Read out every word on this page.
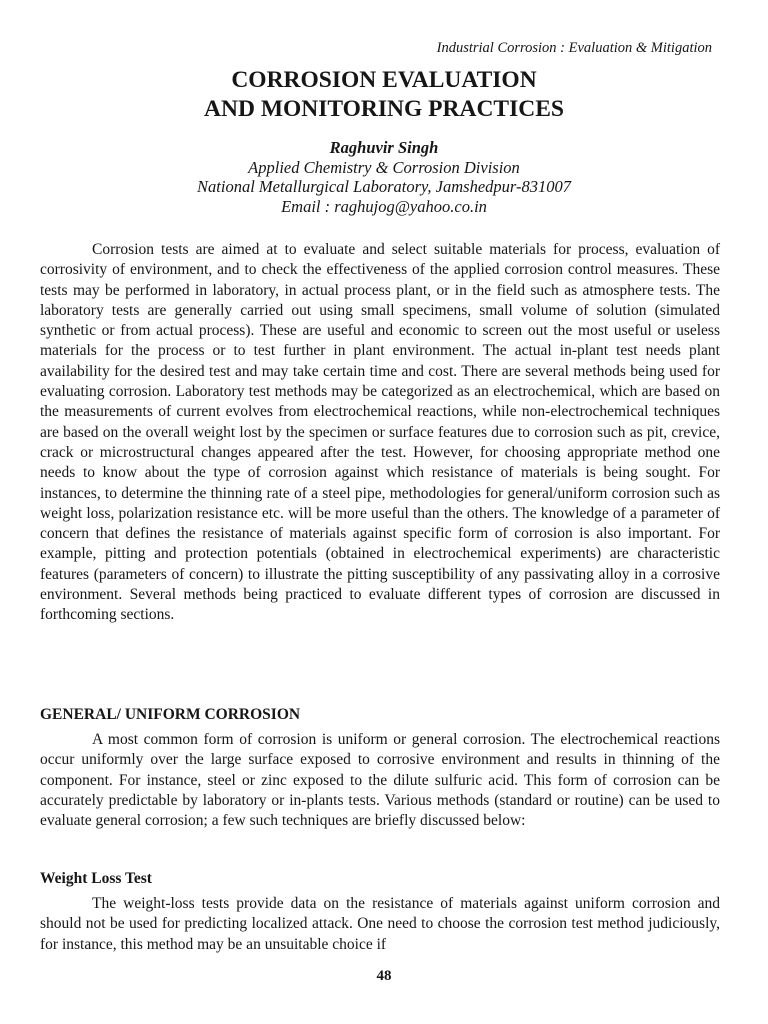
Industrial Corrosion : Evaluation & Mitigation
CORROSION EVALUATION
AND MONITORING PRACTICES
Raghuvir Singh
Applied Chemistry & Corrosion Division
National Metallurgical Laboratory, Jamshedpur-831007
Email : raghujog@yahoo.co.in

Corrosion tests are aimed at to evaluate and select suitable materials for process, evaluation of corrosivity of environment, and to check the effectiveness of the applied corrosion control measures. These tests may be performed in laboratory, in actual process plant, or in the field such as atmosphere tests. The laboratory tests are generally carried out using small specimens, small volume of solution (simulated synthetic or from actual process). These are useful and economic to screen out the most useful or useless materials for the process or to test further in plant environment. The actual in-plant test needs plant availability for the desired test and may take certain time and cost. There are several methods being used for evaluating corrosion. Laboratory test methods may be categorized as an electrochemical, which are based on the measurements of current evolves from electrochemical reactions, while non-electrochemical techniques are based on the overall weight lost by the specimen or surface features due to corrosion such as pit, crevice, crack or microstructural changes appeared after the test. However, for choosing appropriate method one needs to know about the type of corrosion against which resistance of materials is being sought. For instances, to determine the thinning rate of a steel pipe, methodologies for general/uniform corrosion such as weight loss, polarization resistance etc. will be more useful than the others. The knowledge of a parameter of concern that defines the resistance of materials against specific form of corrosion is also important. For example, pitting and protection potentials (obtained in electrochemical experiments) are characteristic features (parameters of concern) to illustrate the pitting susceptibility of any passivating alloy in a corrosive environment. Several methods being practiced to evaluate different types of corrosion are discussed in forthcoming sections.

GENERAL/ UNIFORM CORROSION

A most common form of corrosion is uniform or general corrosion. The electrochemical reactions occur uniformly over the large surface exposed to corrosive environment and results in thinning of the component. For instance, steel or zinc exposed to the dilute sulfuric acid. This form of corrosion can be accurately predictable by laboratory or in-plants tests. Various methods (standard or routine) can be used to evaluate general corrosion; a few such techniques are briefly discussed below:

Weight Loss Test

The weight-loss tests provide data on the resistance of materials against uniform corrosion and should not be used for predicting localized attack. One need to choose the corrosion test method judiciously, for instance, this method may be an unsuitable choice if

48
